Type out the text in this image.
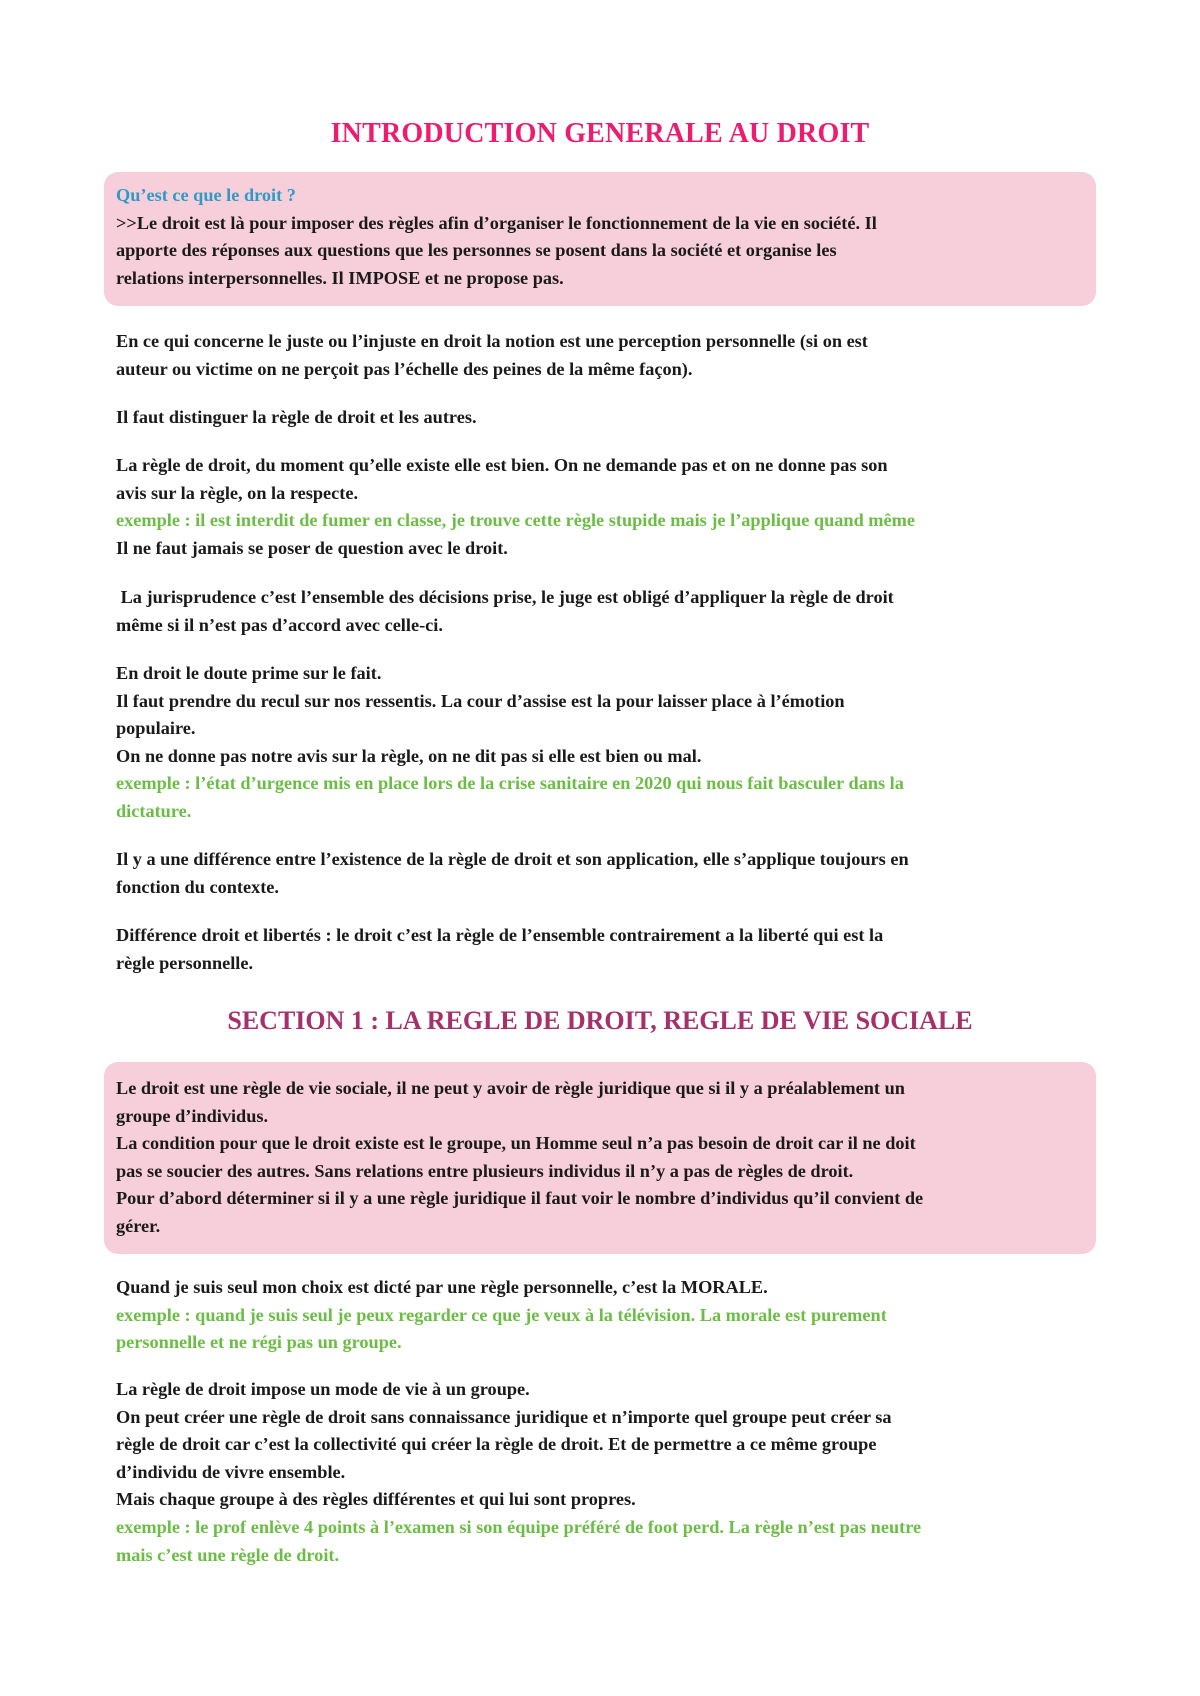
INTRODUCTION GENERALE AU DROIT
Qu’est ce que le droit ?
>>Le droit est là pour imposer des règles afin d’organiser le fonctionnement de la vie en société. Il
apporte des réponses aux questions que les personnes se posent dans la société et organise les
relations interpersonnelles. Il IMPOSE et ne propose pas.
En ce qui concerne le juste ou l’injuste en droit la notion est une perception personnelle (si on est
auteur ou victime on ne perçoit pas l’échelle des peines de la même façon).
Il faut distinguer la règle de droit et les autres.
La règle de droit, du moment qu’elle existe elle est bien. On ne demande pas et on ne donne pas son
avis sur la règle, on la respecte.
exemple : il est interdit de fumer en classe, je trouve cette règle stupide mais je l’applique quand même
Il ne faut jamais se poser de question avec le droit.
La jurisprudence c’est l’ensemble des décisions prise, le juge est obligé d’appliquer la règle de droit
même si il n’est pas d’accord avec celle-ci.
En droit le doute prime sur le fait.
Il faut prendre du recul sur nos ressentis. La cour d’assise est la pour laisser place à l’émotion
populaire.
On ne donne pas notre avis sur la règle, on ne dit pas si elle est bien ou mal.
exemple : l’état d’urgence mis en place lors de la crise sanitaire en 2020 qui nous fait basculer dans la
dictature.
Il y a une différence entre l’existence de la règle de droit et son application, elle s’applique toujours en
fonction du contexte.
Différence droit et libertés : le droit c’est la règle de l’ensemble contrairement a la liberté qui est la
règle personnelle.
SECTION 1 : LA REGLE DE DROIT, REGLE DE VIE SOCIALE
Le droit est une règle de vie sociale, il ne peut y avoir de règle juridique que si il y a préalablement un
groupe d’individus.
La condition pour que le droit existe est le groupe, un Homme seul n’a pas besoin de droit car il ne doit
pas se soucier des autres. Sans relations entre plusieurs individus il n’y a pas de règles de droit.
Pour d’abord déterminer si il y a une règle juridique il faut voir le nombre d’individus qu’il convient de
gérer.
Quand je suis seul mon choix est dicté par une règle personnelle, c’est la MORALE.
exemple : quand je suis seul je peux regarder ce que je veux à la télévision. La morale est purement
personnelle et ne régi pas un groupe.
La règle de droit impose un mode de vie à un groupe.
On peut créer une règle de droit sans connaissance juridique et n’importe quel groupe peut créer sa
règle de droit car c’est la collectivité qui créer la règle de droit. Et de permettre a ce même groupe
d’individu de vivre ensemble.
Mais chaque groupe à des règles différentes et qui lui sont propres.
exemple : le prof enlève 4 points à l’examen si son équipe préféré de foot perd. La règle n’est pas neutre
mais c’est une règle de droit.
